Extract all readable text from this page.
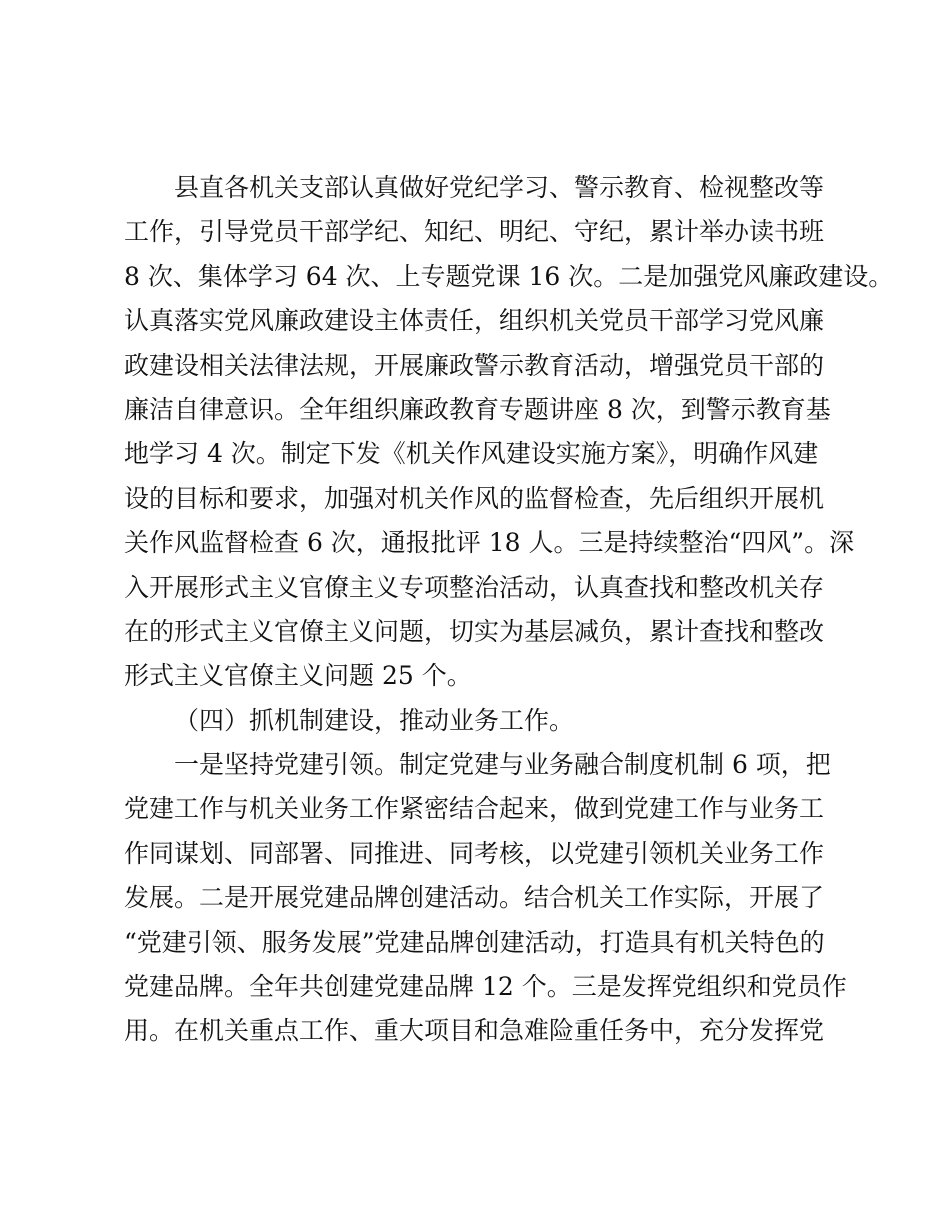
县直各机关支部认真做好党纪学习、警示教育、检视整改等
工作，引导党员干部学纪、知纪、明纪、守纪，累计举办读书班
8 次、集体学习 64 次、上专题党课 16 次。二是加强党风廉政建设。
认真落实党风廉政建设主体责任，组织机关党员干部学习党风廉
政建设相关法律法规，开展廉政警示教育活动，增强党员干部的
廉洁自律意识。全年组织廉政教育专题讲座 8 次，到警示教育基
地学习 4 次。制定下发《机关作风建设实施方案》，明确作风建
设的目标和要求，加强对机关作风的监督检查，先后组织开展机
关作风监督检查 6 次，通报批评 18 人。三是持续整治“四风”。深
入开展形式主义官僚主义专项整治活动，认真查找和整改机关存
在的形式主义官僚主义问题，切实为基层减负，累计查找和整改
形式主义官僚主义问题 25 个。
（四）抓机制建设，推动业务工作。
一是坚持党建引领。制定党建与业务融合制度机制 6 项，把
党建工作与机关业务工作紧密结合起来，做到党建工作与业务工
作同谋划、同部署、同推进、同考核，以党建引领机关业务工作
发展。二是开展党建品牌创建活动。结合机关工作实际，开展了
“党建引领、服务发展”党建品牌创建活动，打造具有机关特色的
党建品牌。全年共创建党建品牌 12 个。三是发挥党组织和党员作
用。在机关重点工作、重大项目和急难险重任务中，充分发挥党
